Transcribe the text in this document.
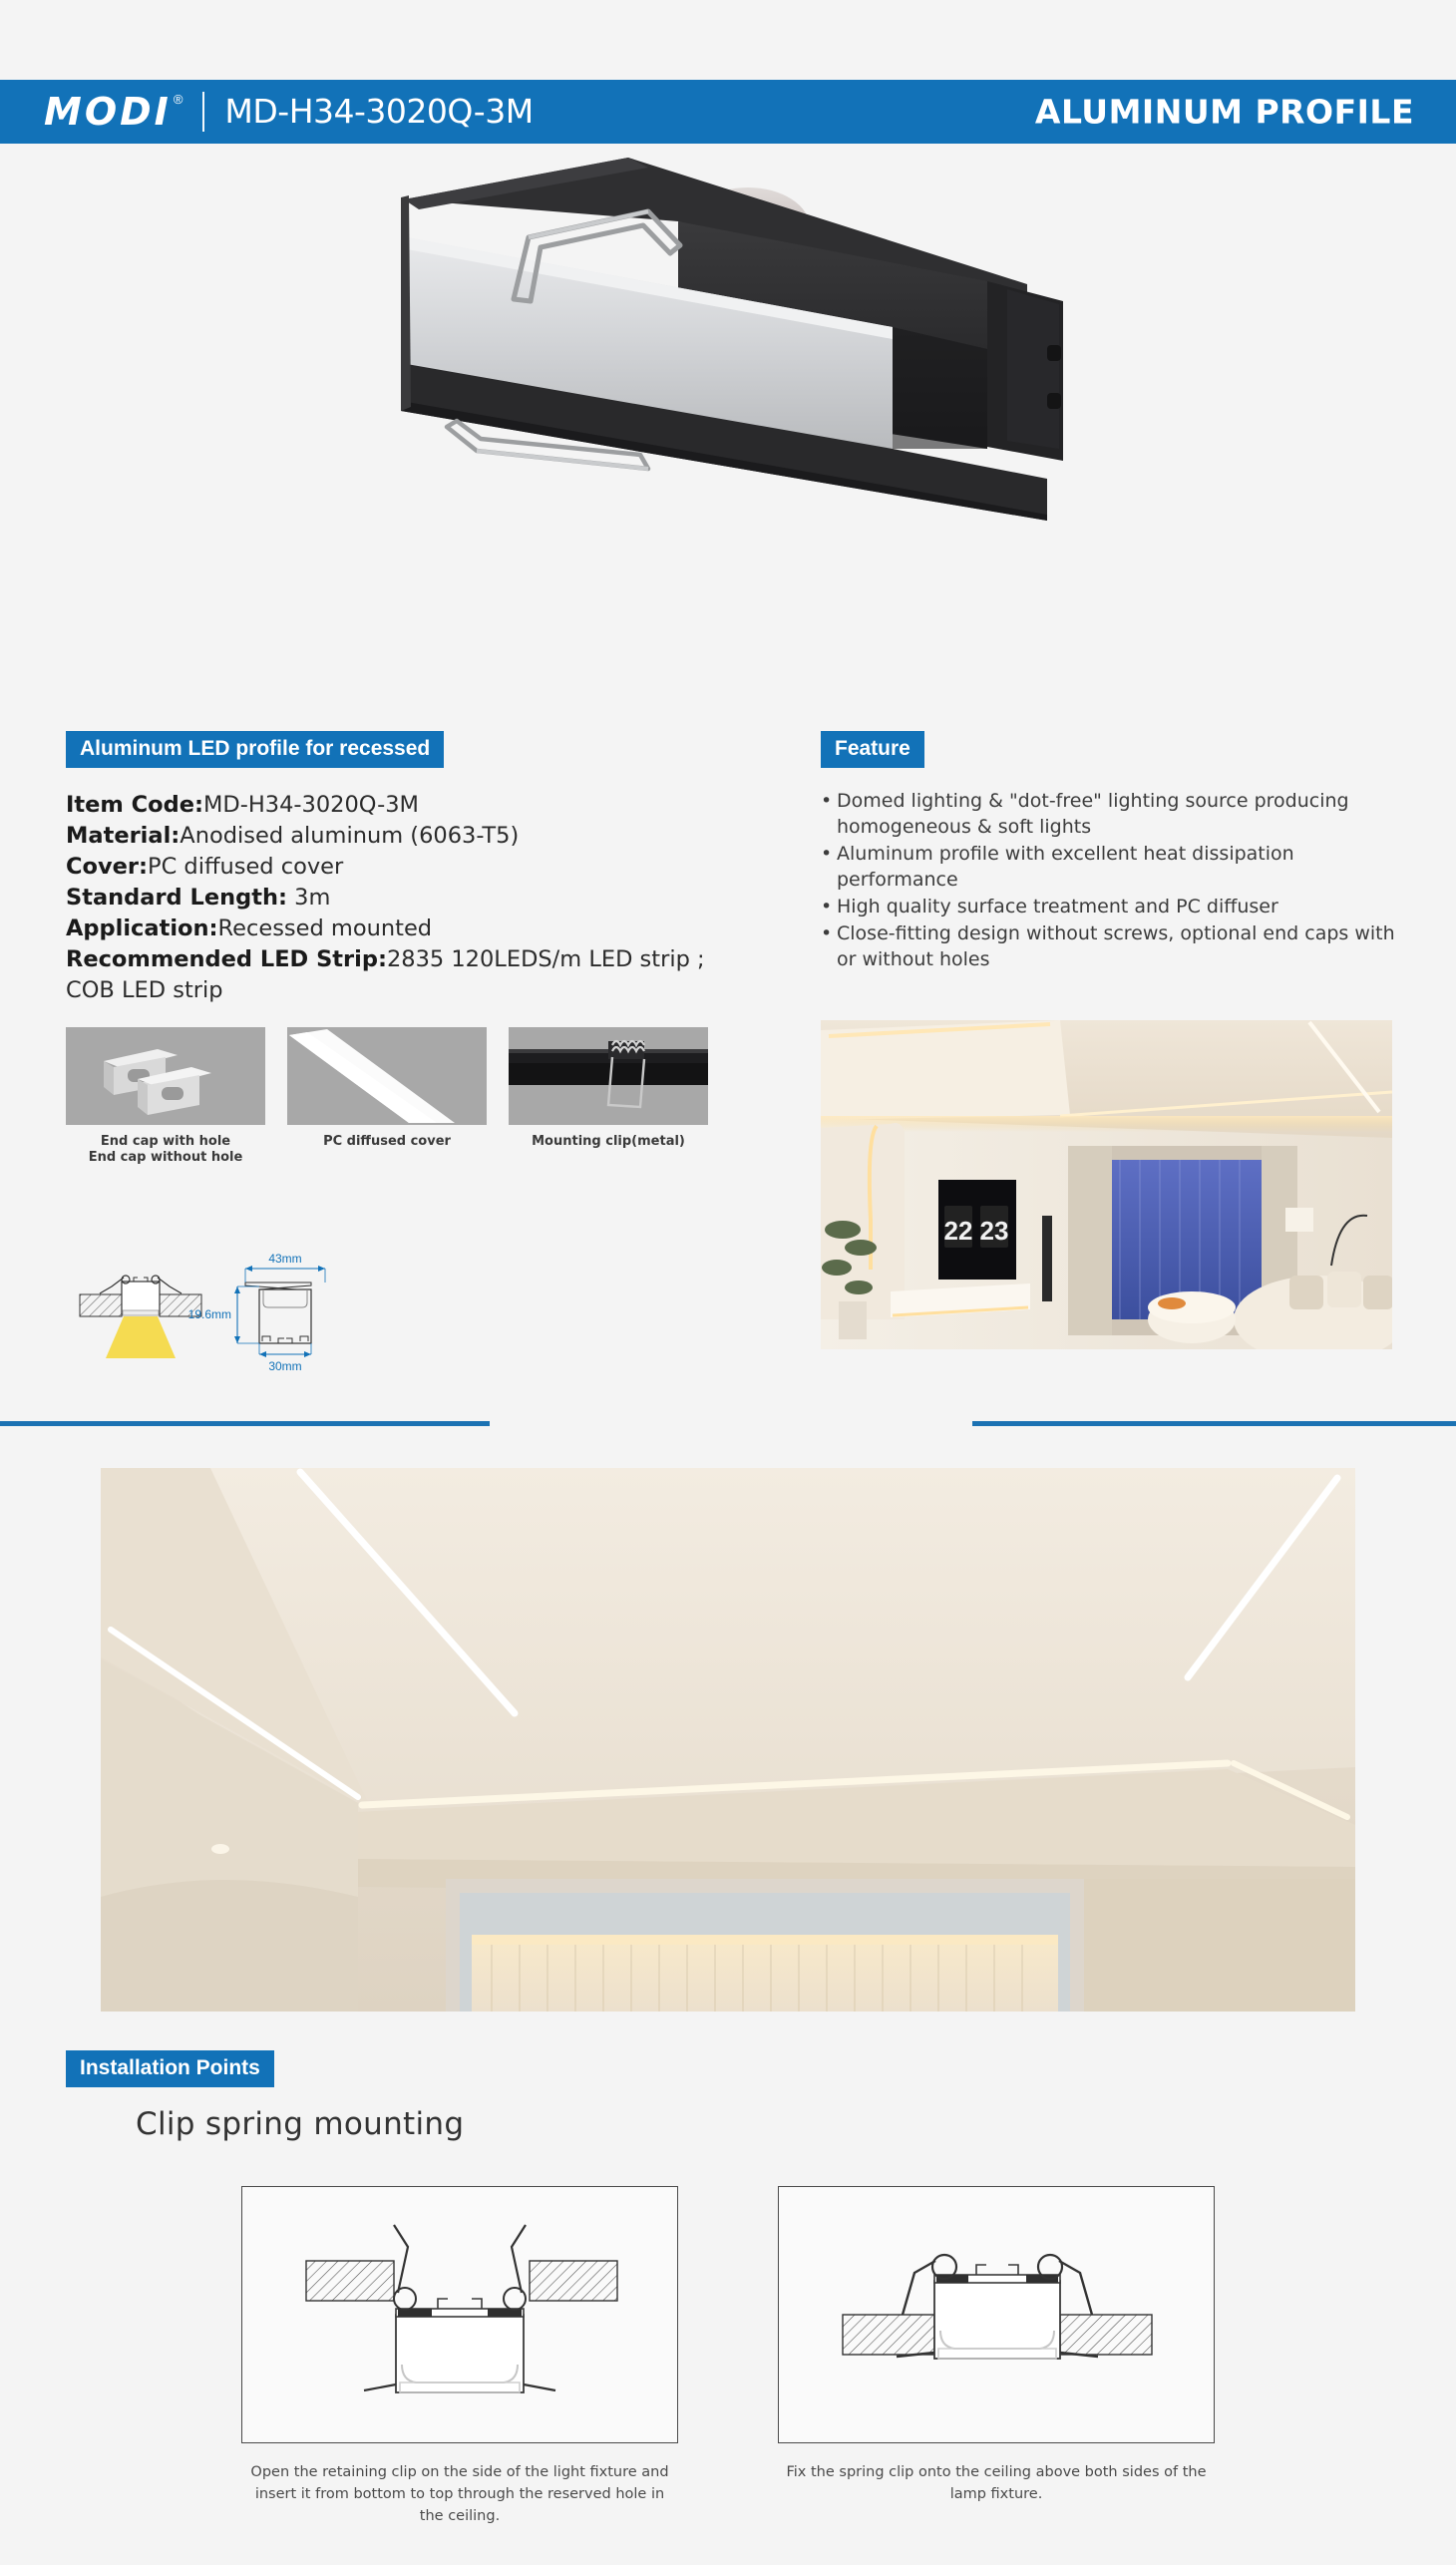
MODI ® MD-H34-3020Q-3M	ALUMINUM PROFILE
Aluminum LED profile for recessed
Item Code:MD-H34-3020Q-3M
Material:Anodised aluminum (6063-T5)
Cover:PC diffused cover
Standard Length: 3m
Application:Recessed mounted
Recommended LED Strip:2835 120LEDS/m LED strip ;
COB LED strip
End cap with hole
End cap without hole
PC diffused cover	Mounting clip(metal)
43mm
19.6mm
30mm
Feature
• Domed lighting & "dot-free" lighting source producing homogeneous & soft lights
• Aluminum profile with excellent heat dissipation performance
• High quality surface treatment and PC diffuser
• Close-fitting design without screws, optional end caps with or without holes
22 23
Installation Points
Clip spring mounting
Open the retaining clip on the side of the light fixture and insert it from bottom to top through the reserved hole in the ceiling.
Fix the spring clip onto the ceiling above both sides of the lamp fixture.
